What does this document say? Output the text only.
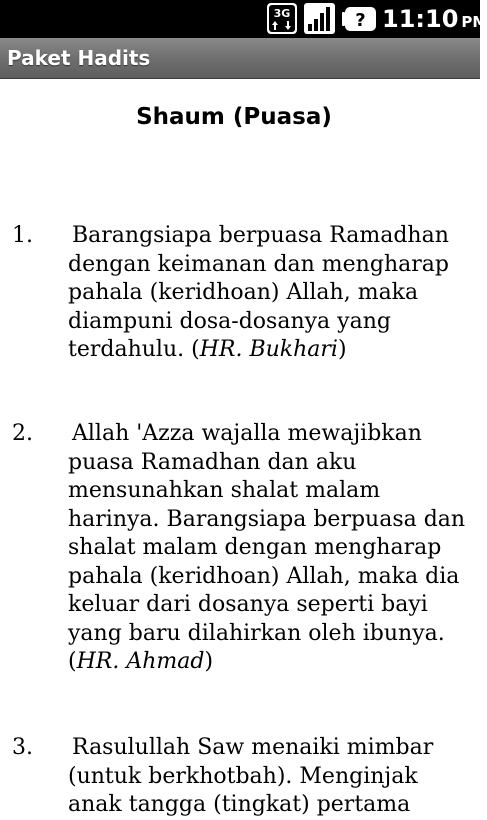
3G	? 11:10 PM
Paket Hadits
Shaum (Puasa)
1. Barangsiapa berpuasa Ramadhan dengan keimanan dan mengharap pahala (keridhoan) Allah, maka diampuni dosa-dosanya yang terdahulu. (HR. Bukhari)
2. Allah 'Azza wajalla mewajibkan puasa Ramadhan dan aku mensunahkan shalat malam harinya. Barangsiapa berpuasa dan shalat malam dengan mengharap pahala (keridhoan) Allah, maka dia keluar dari dosanya seperti bayi yang baru dilahirkan oleh ibunya. (HR. Ahmad)
3. Rasulullah Saw menaiki mimbar (untuk berkhotbah). Menginjak anak tangga (tingkat) pertama
